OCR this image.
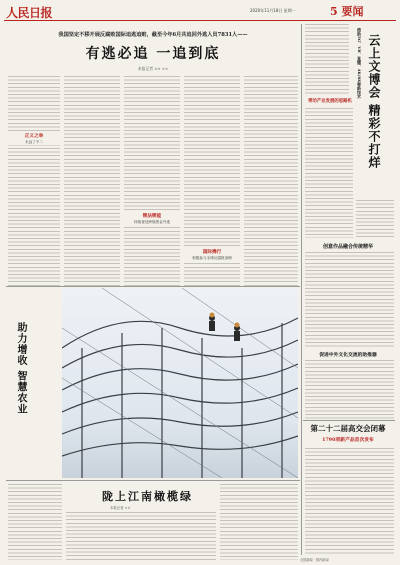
人民日报	2020年11月18日 星期一	5 要闻
我国坚定不移开展反腐败国际追逃追赃，截至今年6月共追回外逃人员7831人——
有逃必追 一追到底
本报记者 ×× ××
正义之举
永远了不二
锲法锲能
持续查处跨境资金外逃
国际携行
积极参与全球反腐败治理
助力增收 智慧农业
陇上江南橄榄绿
本报记者 ××
借助5G、VR、直播、4K/8K等新技术 云上文博会 精彩不打烊
带动产业发展的思路机
创意作品融合传统精华
促进中外文化交流的助推器
第二十二届高交会闭幕
1790项新产品首次发布
全国新闻 · 国内新闻
